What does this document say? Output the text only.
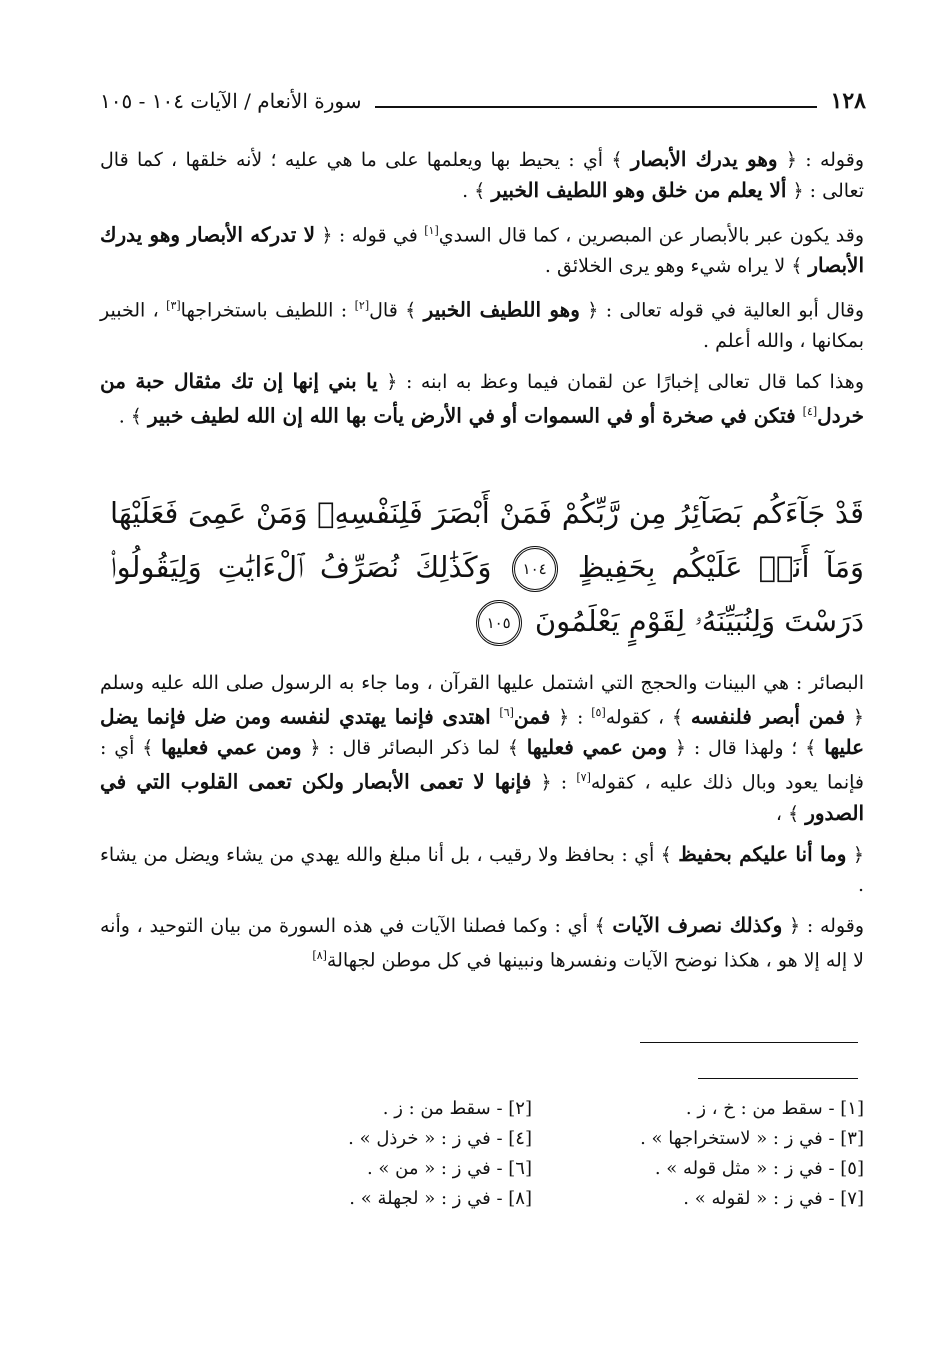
١٢٨
سورة الأنعام / الآيات ١٠٤ - ١٠٥

وقوله : ﴿ وهو يدرك الأبصار ﴾ أي : يحيط بها ويعلمها على ما هي عليه ؛ لأنه خلقها ، كما قال تعالى : ﴿ ألا يعلم من خلق وهو اللطيف الخبير ﴾ .

وقد يكون عبر بالأبصار عن المبصرين ، كما قال السدي[١] في قوله : ﴿ لا تدركه الأبصار وهو يدرك الأبصار ﴾ لا يراه شيء وهو يرى الخلائق .

وقال أبو العالية في قوله تعالى : ﴿ وهو اللطيف الخبير ﴾ قال[٢] : اللطيف باستخراجها[٣] ، الخبير بمكانها ، والله أعلم .

وهذا كما قال تعالى إخبارًا عن لقمان فيما وعظ به ابنه : ﴿ يا بني إنها إن تك مثقال حبة من خردل[٤] فتكن في صخرة أو في السموات أو في الأرض يأت بها الله إن الله لطيف خبير ﴾ .

قَدْ جَآءَكُم بَصَآئِرُ مِن رَّبِّكُمْ فَمَنْ أَبْصَرَ فَلِنَفْسِهِۦ وَمَنْ عَمِىَ فَعَلَيْهَا وَمَآ أَنَا۠ عَلَيْكُم بِحَفِيظٍ ١٠٤ وَكَذَٰلِكَ نُصَرِّفُ ٱلْءَايَٰتِ وَلِيَقُولُوا۟ دَرَسْتَ وَلِنُبَيِّنَهُۥ لِقَوْمٍ يَعْلَمُونَ ١٠٥

البصائر : هي البينات والحجج التي اشتمل عليها القرآن ، وما جاء به الرسول صلى الله عليه وسلم ﴿ فمن أبصر فلنفسه ﴾ ، كقوله[٥] : ﴿ فمن[٦] اهتدى فإنما يهتدي لنفسه ومن ضل فإنما يضل عليها ﴾ ؛ ولهذا قال : ﴿ ومن عمي فعليها ﴾ لما ذكر البصائر قال : ﴿ ومن عمي فعليها ﴾ أي : فإنما يعود وبال ذلك عليه ، كقوله[٧] : ﴿ فإنها لا تعمى الأبصار ولكن تعمى القلوب التي في الصدور ﴾ ،

﴿ وما أنا عليكم بحفيظ ﴾ أي : بحافظ ولا رقيب ، بل أنا مبلغ والله يهدي من يشاء ويضل من يشاء .

وقوله : ﴿ وكذلك نصرف الآيات ﴾ أي : وكما فصلنا الآيات في هذه السورة من بيان التوحيد ، وأنه لا إله إلا هو ، هكذا نوضح الآيات ونفسرها ونبينها في كل موطن لجهالة[٨]

[١] - سقط من : خ ، ز .
[٢] - سقط من : ز .
[٣] - في ز : « لاستخراجها » .
[٤] - في ز : « خرذل » .
[٥] - في ز : « مثل قوله » .
[٦] - في ز : « من » .
[٧] - في ز : « لقوله » .
[٨] - في ز : « لجهلة » .
